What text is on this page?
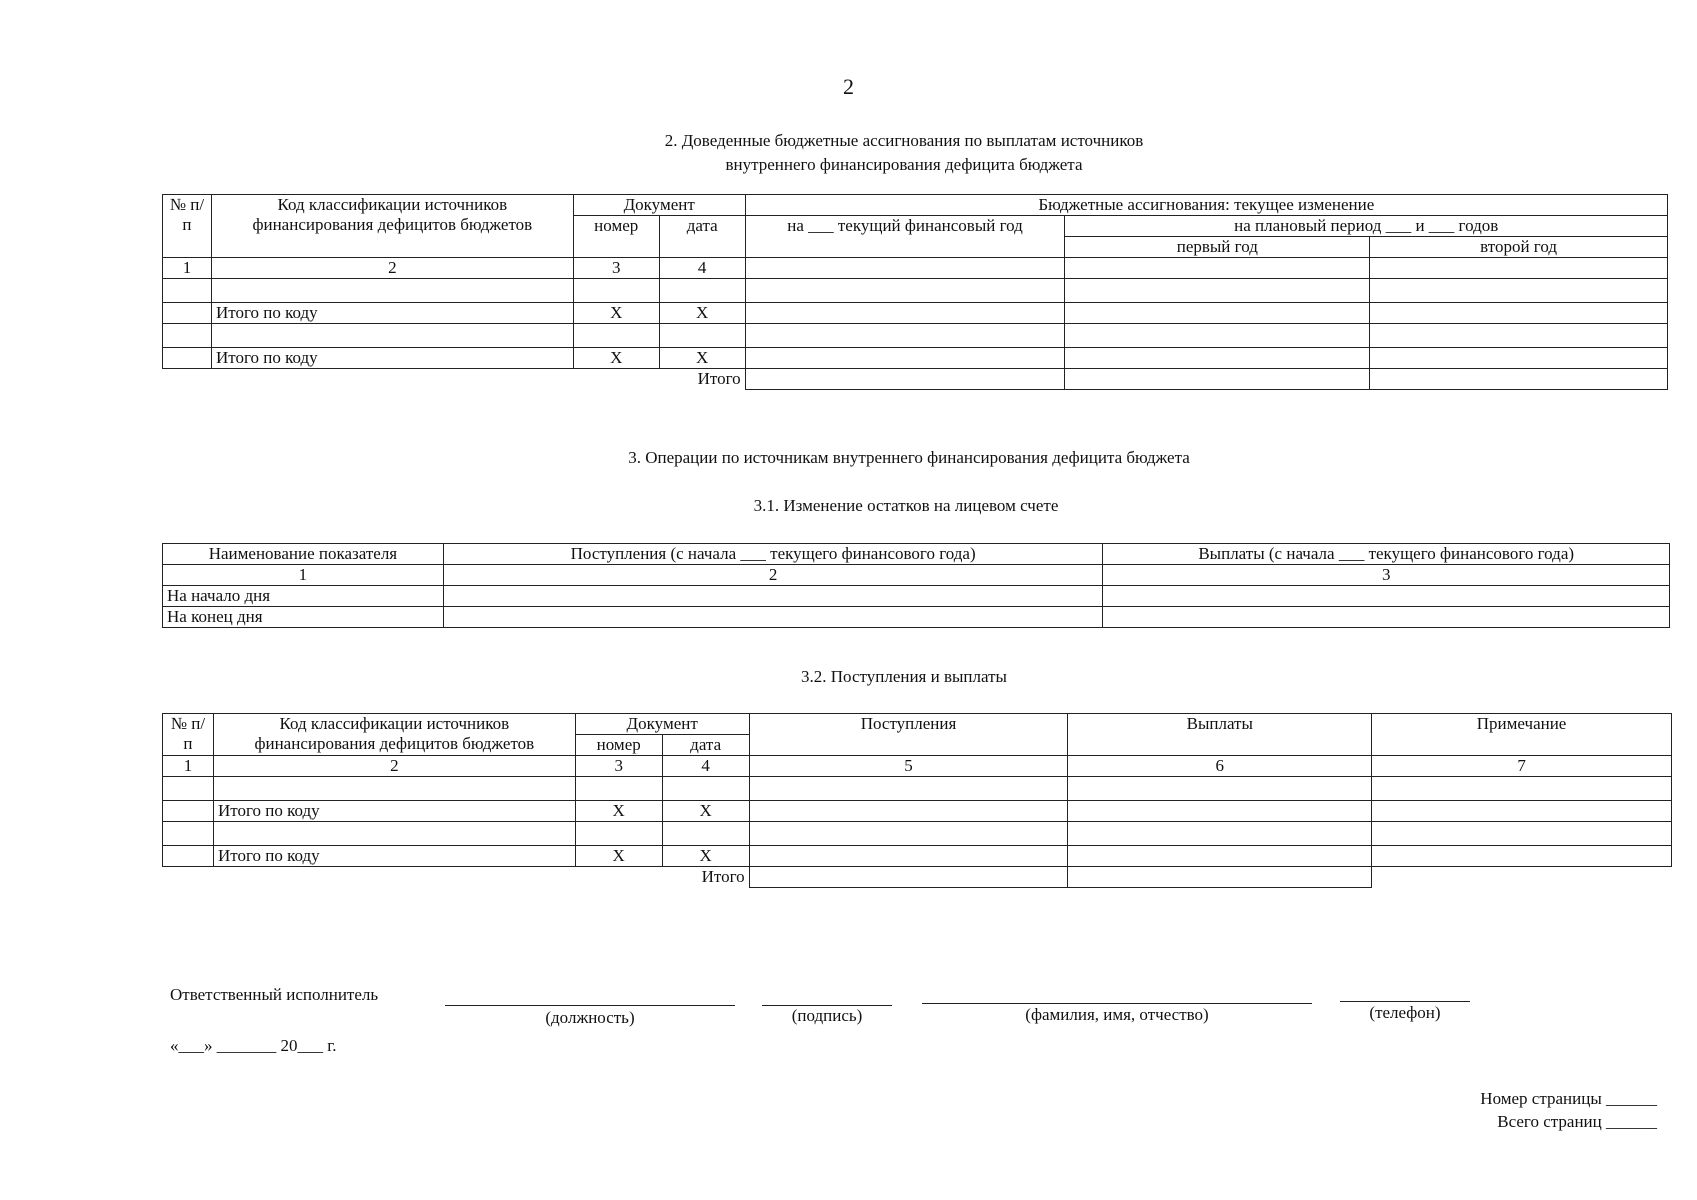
2
2. Доведенные бюджетные ассигнования по выплатам источников
внутреннего финансирования дефицита бюджета
№ п/п	Код классификации источников финансирования дефицитов бюджетов	Документ		Бюджетные ассигнования: текущее изменение		
		номер	дата	на ___ текущий финансовый год	на плановый период ___ и ___ годов	
					первый год	второй год
1	2	3	4			

	Итого по коду	X	X			

	Итого по коду	X	X			
			Итого			
3. Операции по источникам внутреннего финансирования дефицита бюджета
3.1. Изменение остатков на лицевом счете
Наименование показателя	Поступления (с начала ___ текущего финансового года)	Выплаты (с начала ___ текущего финансового года)
1	2	3
На начало дня		
На конец дня		
3.2. Поступления и выплаты
№ п/п	Код классификации источников финансирования дефицитов бюджетов	Документ		Поступления	Выплаты	Примечание
		номер	дата			
1	2	3	4	5	6	7

	Итого по коду	X	X			

	Итого по коду	X	X			
			Итого			
Ответственный исполнитель
(должность)	(подпись)	(фамилия, имя, отчество)	(телефон)
«___» _______ 20___ г.
Номер страницы ______
Всего страниц ______
